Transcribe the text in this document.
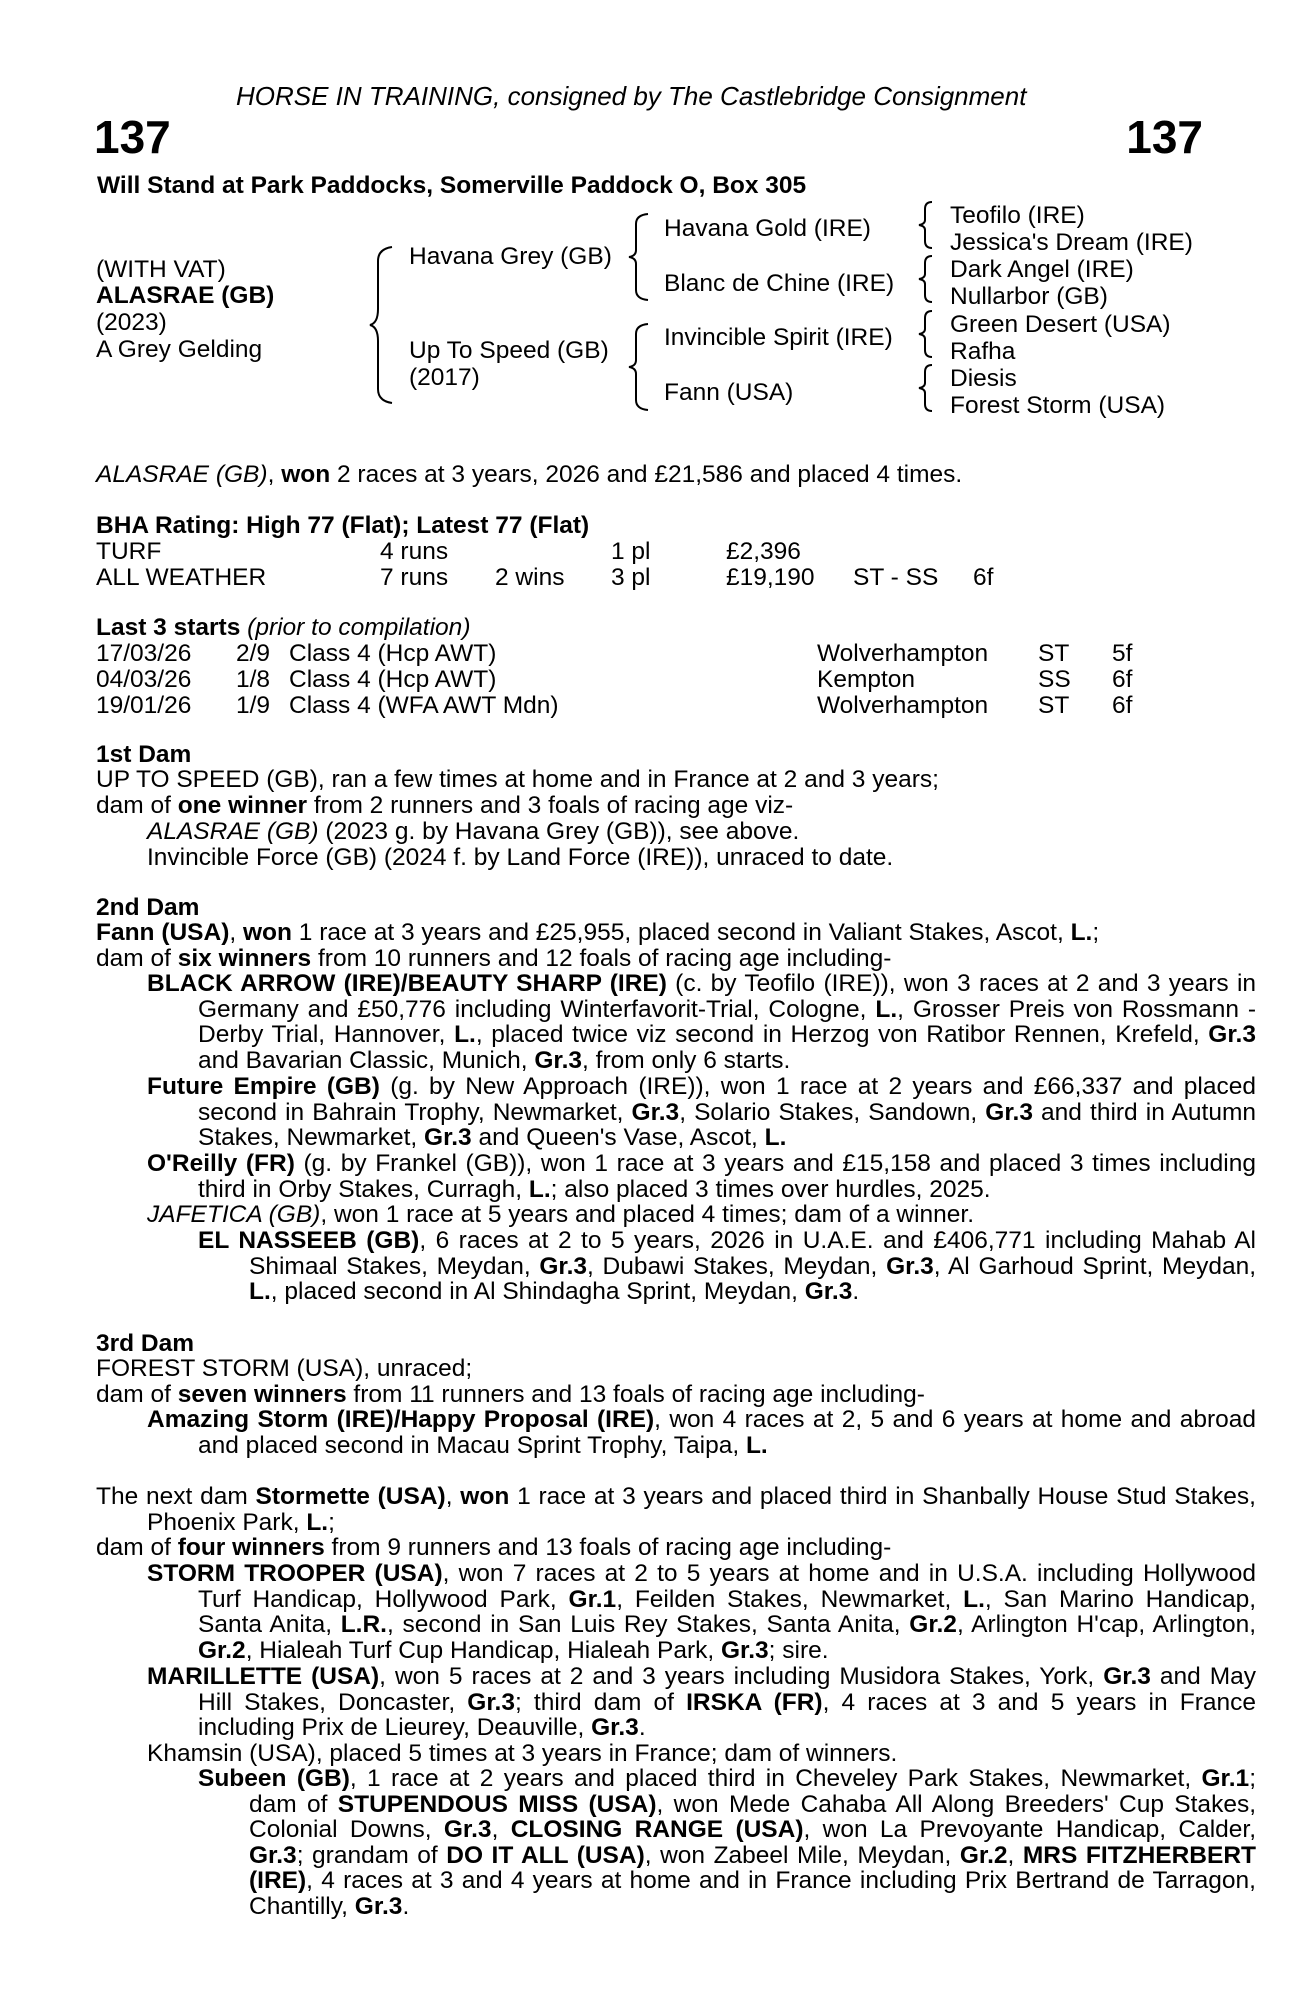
HORSE IN TRAINING, consigned by The Castlebridge Consignment
137	137
Will Stand at Park Paddocks, Somerville Paddock O, Box 305
(WITH VAT)
ALASRAE (GB)
(2023)
A Grey Gelding
Havana Grey (GB)
Up To Speed (GB)
(2017)
Havana Gold (IRE)
Blanc de Chine (IRE)
Invincible Spirit (IRE)
Fann (USA)
Teofilo (IRE)
Jessica's Dream (IRE)
Dark Angel (IRE)
Nullarbor (GB)
Green Desert (USA)
Rafha
Diesis
Forest Storm (USA)
ALASRAE (GB), won 2 races at 3 years, 2026 and £21,586 and placed 4 times.
BHA Rating: High 77 (Flat); Latest 77 (Flat)
TURF	4 runs	1 pl	£2,396
ALL WEATHER	7 runs 2 wins 3 pl	£19,190 ST - SS 6f
Last 3 starts (prior to compilation)
17/03/26 2/9 Class 4 (Hcp AWT)	Wolverhampton ST 5f
04/03/26 1/8 Class 4 (Hcp AWT)	Kempton	SS 6f
19/01/26 1/9 Class 4 (WFA AWT Mdn)	Wolverhampton ST 6f
1st Dam
UP TO SPEED (GB), ran a few times at home and in France at 2 and 3 years;
dam of one winner from 2 runners and 3 foals of racing age viz-
ALASRAE (GB) (2023 g. by Havana Grey (GB)), see above.
Invincible Force (GB) (2024 f. by Land Force (IRE)), unraced to date.
2nd Dam
Fann (USA), won 1 race at 3 years and £25,955, placed second in Valiant Stakes, Ascot, L.;
dam of six winners from 10 runners and 12 foals of racing age including-
BLACK ARROW (IRE)/BEAUTY SHARP (IRE) (c. by Teofilo (IRE)), won 3 races at 2 and 3 years in Germany and £50,776 including Winterfavorit-Trial, Cologne, L., Grosser Preis von Rossmann - Derby Trial, Hannover, L., placed twice viz second in Herzog von Ratibor Rennen, Krefeld, Gr.3 and Bavarian Classic, Munich, Gr.3, from only 6 starts.
Future Empire (GB) (g. by New Approach (IRE)), won 1 race at 2 years and £66,337 and placed second in Bahrain Trophy, Newmarket, Gr.3, Solario Stakes, Sandown, Gr.3 and third in Autumn Stakes, Newmarket, Gr.3 and Queen's Vase, Ascot, L.
O'Reilly (FR) (g. by Frankel (GB)), won 1 race at 3 years and £15,158 and placed 3 times including third in Orby Stakes, Curragh, L.; also placed 3 times over hurdles, 2025.
JAFETICA (GB), won 1 race at 5 years and placed 4 times; dam of a winner.
EL NASSEEB (GB), 6 races at 2 to 5 years, 2026 in U.A.E. and £406,771 including Mahab Al Shimaal Stakes, Meydan, Gr.3, Dubawi Stakes, Meydan, Gr.3, Al Garhoud Sprint, Meydan, L., placed second in Al Shindagha Sprint, Meydan, Gr.3.
3rd Dam
FOREST STORM (USA), unraced;
dam of seven winners from 11 runners and 13 foals of racing age including-
Amazing Storm (IRE)/Happy Proposal (IRE), won 4 races at 2, 5 and 6 years at home and abroad and placed second in Macau Sprint Trophy, Taipa, L.
The next dam Stormette (USA), won 1 race at 3 years and placed third in Shanbally House Stud Stakes, Phoenix Park, L.;
dam of four winners from 9 runners and 13 foals of racing age including-
STORM TROOPER (USA), won 7 races at 2 to 5 years at home and in U.S.A. including Hollywood Turf Handicap, Hollywood Park, Gr.1, Feilden Stakes, Newmarket, L., San Marino Handicap, Santa Anita, L.R., second in San Luis Rey Stakes, Santa Anita, Gr.2, Arlington H'cap, Arlington, Gr.2, Hialeah Turf Cup Handicap, Hialeah Park, Gr.3; sire.
MARILLETTE (USA), won 5 races at 2 and 3 years including Musidora Stakes, York, Gr.3 and May Hill Stakes, Doncaster, Gr.3; third dam of IRSKA (FR), 4 races at 3 and 5 years in France including Prix de Lieurey, Deauville, Gr.3.
Khamsin (USA), placed 5 times at 3 years in France; dam of winners.
Subeen (GB), 1 race at 2 years and placed third in Cheveley Park Stakes, Newmarket, Gr.1; dam of STUPENDOUS MISS (USA), won Mede Cahaba All Along Breeders' Cup Stakes, Colonial Downs, Gr.3, CLOSING RANGE (USA), won La Prevoyante Handicap, Calder, Gr.3; grandam of DO IT ALL (USA), won Zabeel Mile, Meydan, Gr.2, MRS FITZHERBERT (IRE), 4 races at 3 and 4 years at home and in France including Prix Bertrand de Tarragon, Chantilly, Gr.3.
